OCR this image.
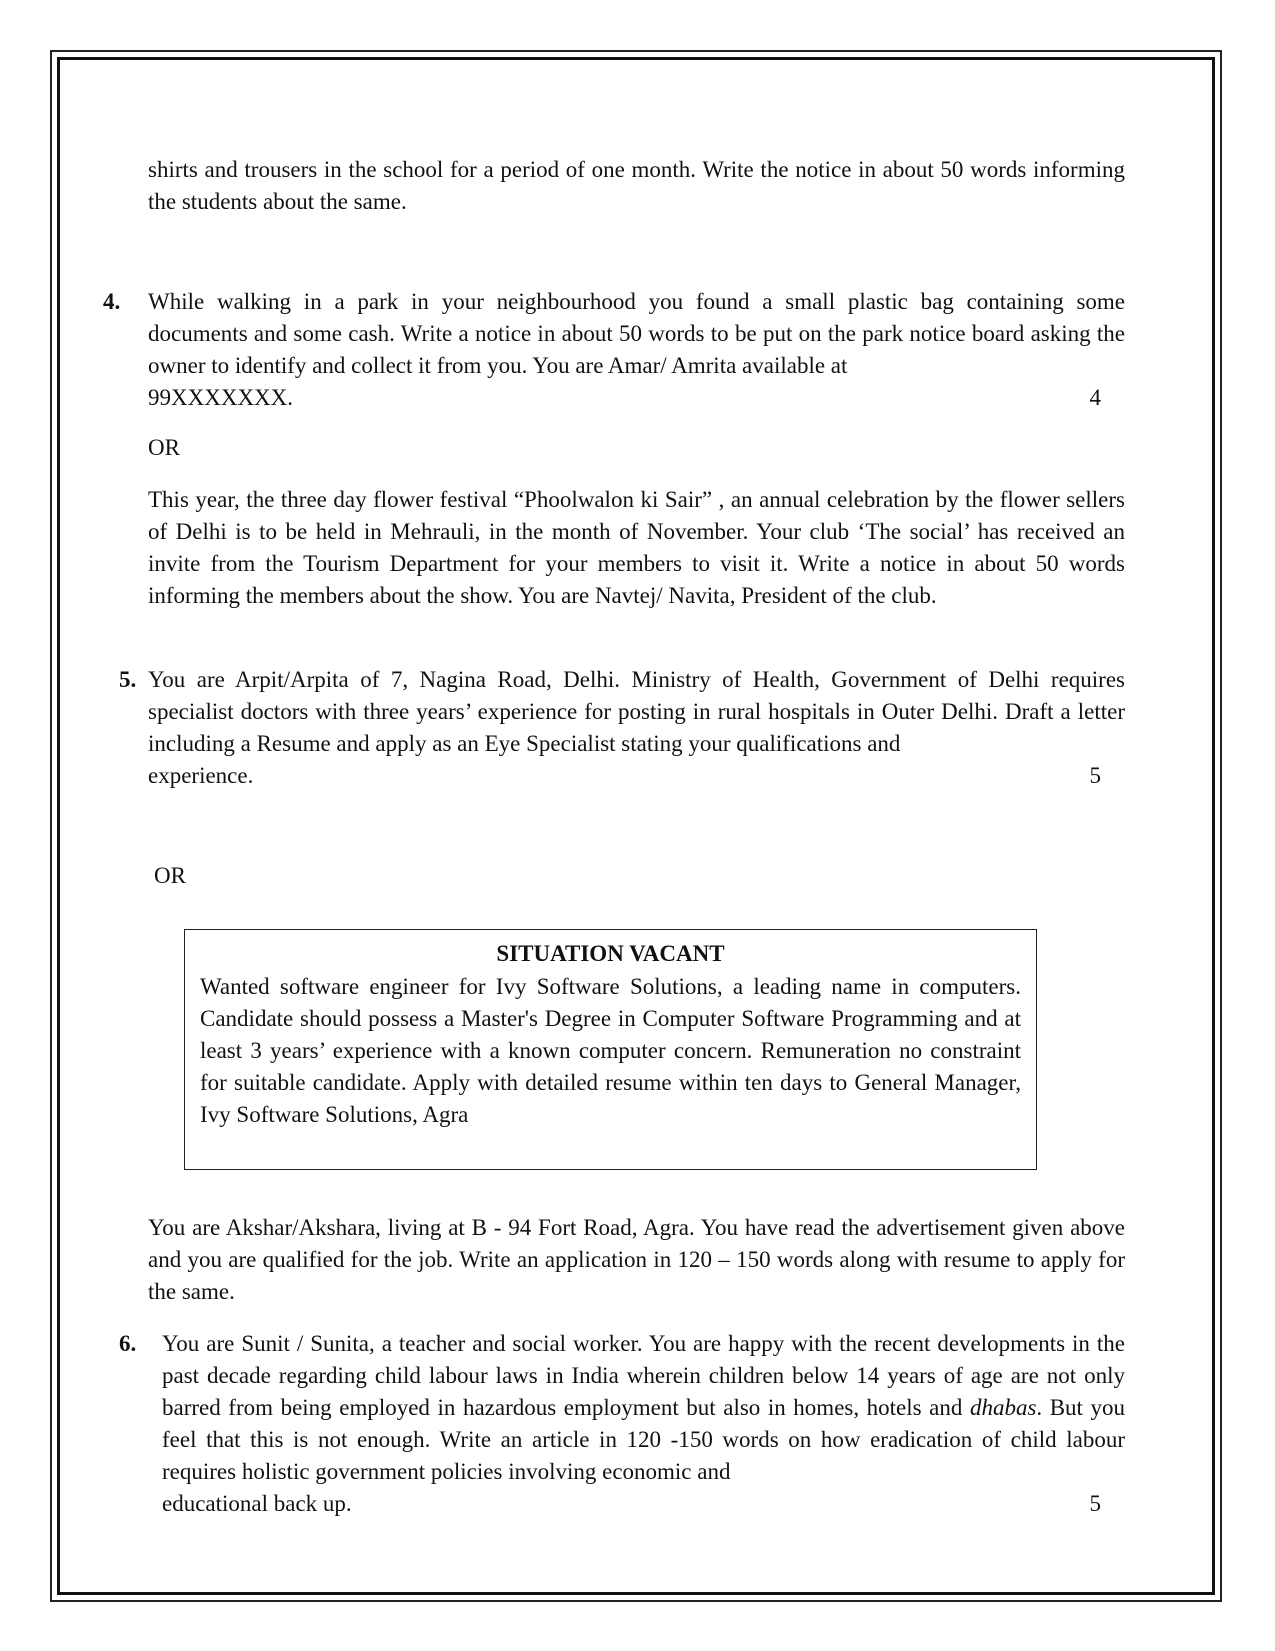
shirts and trousers in the school for a period of one month. Write the notice in about 50 words informing the students about the same.
4. While walking in a park in your neighbourhood you found a small plastic bag containing some documents and some cash. Write a notice in about 50 words to be put on the park notice board asking the owner to identify and collect it from you. You are Amar/ Amrita available at
99XXXXXXX.	4
OR
This year, the three day flower festival “Phoolwalon ki Sair” , an annual celebration by the flower sellers of Delhi is to be held in Mehrauli, in the month of November. Your club ‘The social’ has received an invite from the Tourism Department for your members to visit it. Write a notice in about 50 words informing the members about the show. You are Navtej/ Navita, President of the club.
5. You are Arpit/Arpita of 7, Nagina Road, Delhi. Ministry of Health, Government of Delhi requires specialist doctors with three years’ experience for posting in rural hospitals in Outer Delhi. Draft a letter including a Resume and apply as an Eye Specialist stating your qualifications and
experience.	5
OR
SITUATION VACANT
Wanted software engineer for Ivy Software Solutions, a leading name in computers. Candidate should possess a Master's Degree in Computer Software Programming and at least 3 years’ experience with a known computer concern. Remuneration no constraint for suitable candidate. Apply with detailed resume within ten days to General Manager, Ivy Software Solutions, Agra
You are Akshar/Akshara, living at B - 94 Fort Road, Agra. You have read the advertisement given above and you are qualified for the job. Write an application in 120 – 150 words along with resume to apply for the same.
6. You are Sunit / Sunita, a teacher and social worker. You are happy with the recent developments in the past decade regarding child labour laws in India wherein children below 14 years of age are not only barred from being employed in hazardous employment but also in homes, hotels and dhabas. But you feel that this is not enough. Write an article in 120 -150 words on how eradication of child labour requires holistic government policies involving economic and
educational back up.	5
